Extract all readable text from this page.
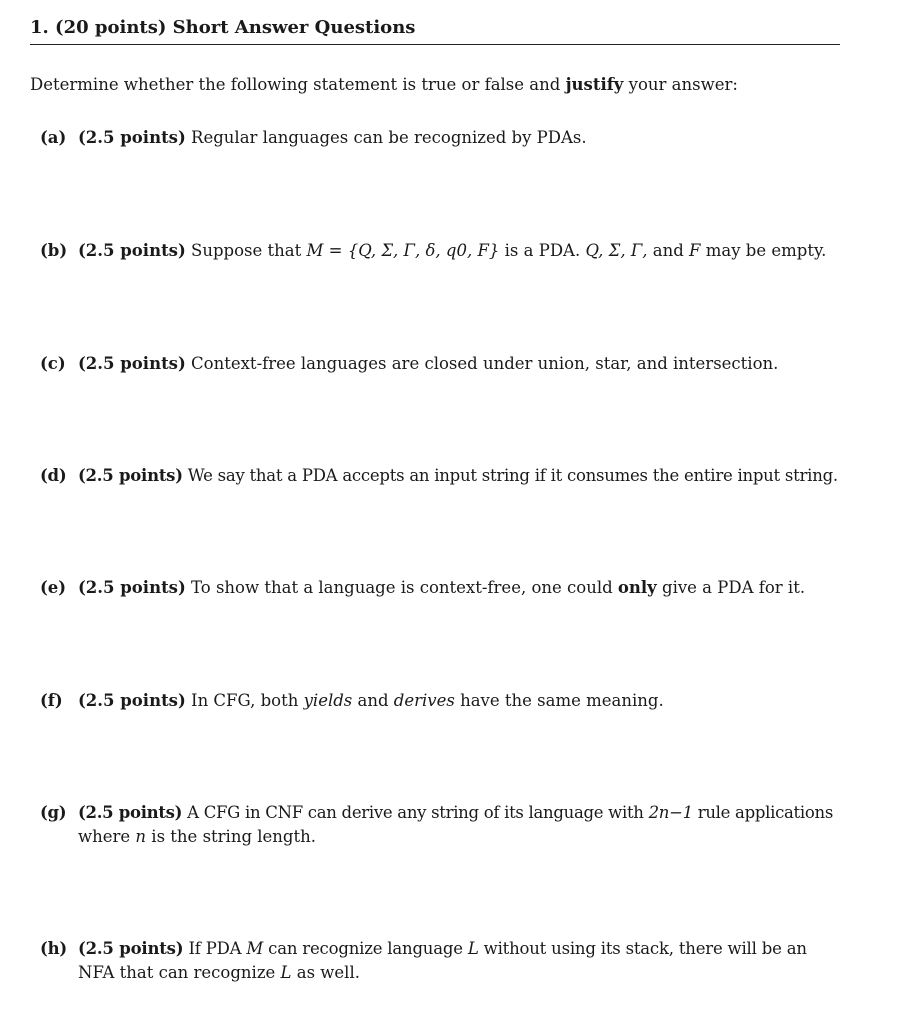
1. (20 points) Short Answer Questions
Determine whether the following statement is true or false and justify your answer:
(a) (2.5 points) Regular languages can be recognized by PDAs.
(b) (2.5 points) Suppose that M = {Q, Σ, Γ, δ, q0, F} is a PDA. Q, Σ, Γ, and F may be empty.
(c) (2.5 points) Context-free languages are closed under union, star, and intersection.
(d) (2.5 points) We say that a PDA accepts an input string if it consumes the entire input string.
(e) (2.5 points) To show that a language is context-free, one could only give a PDA for it.
(f) (2.5 points) In CFG, both yields and derives have the same meaning.
(g) (2.5 points) A CFG in CNF can derive any string of its language with 2n−1 rule applications
where n is the string length.
(h) (2.5 points) If PDA M can recognize language L without using its stack, there will be an
NFA that can recognize L as well.
